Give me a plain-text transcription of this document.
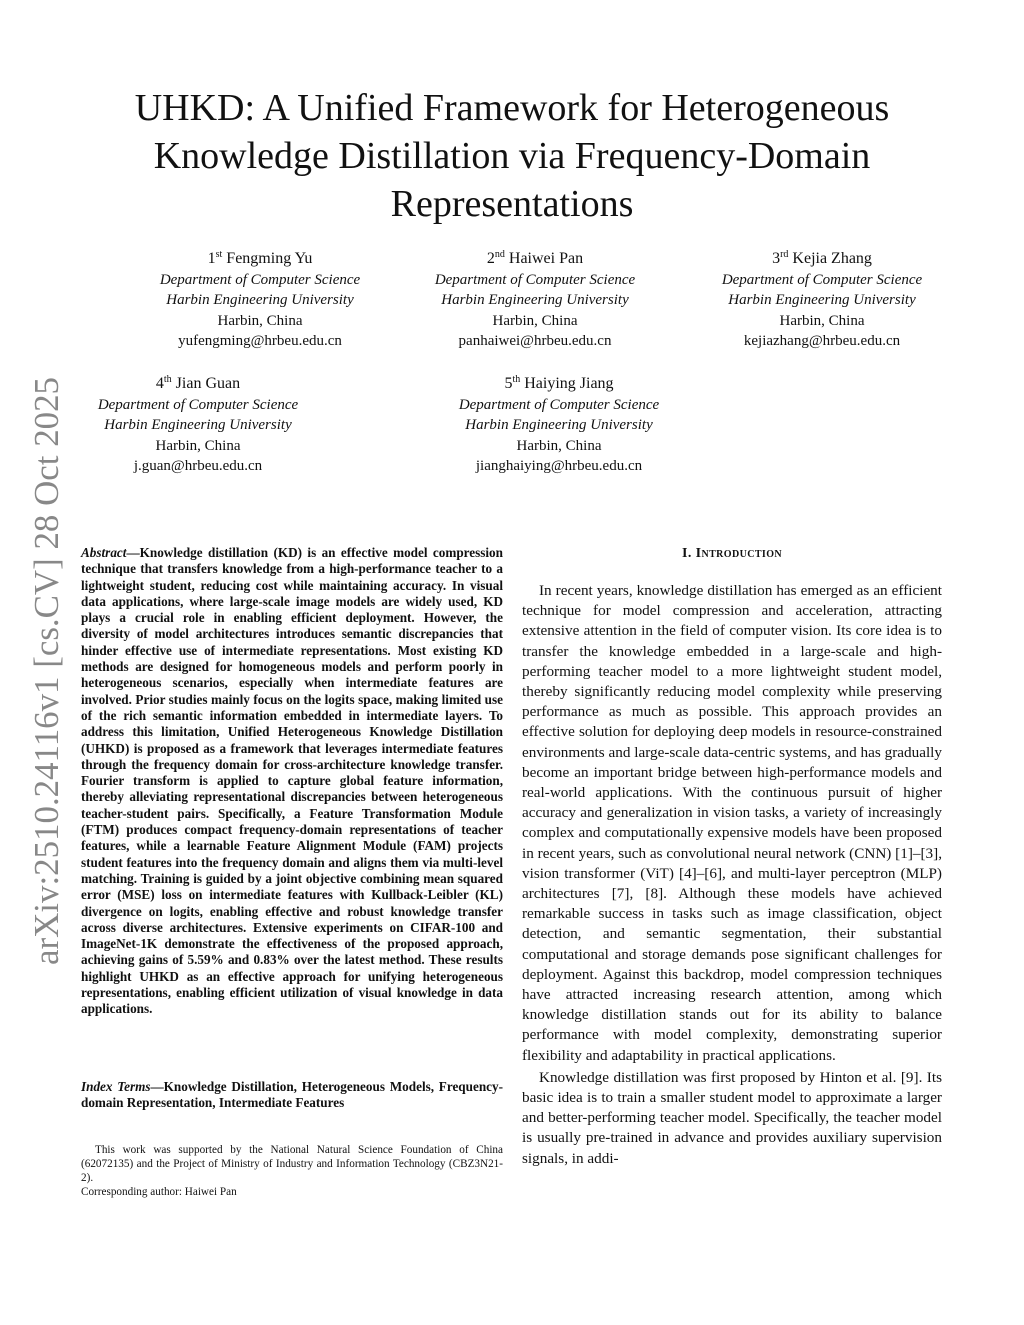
arXiv:2510.24116v1 [cs.CV] 28 Oct 2025
UHKD: A Unified Framework for Heterogeneous
Knowledge Distillation via Frequency-Domain
Representations
1st Fengming Yu
Department of Computer Science
Harbin Engineering University
Harbin, China
yufengming@hrbeu.edu.cn
2nd Haiwei Pan
Department of Computer Science
Harbin Engineering University
Harbin, China
panhaiwei@hrbeu.edu.cn
3rd Kejia Zhang
Department of Computer Science
Harbin Engineering University
Harbin, China
kejiazhang@hrbeu.edu.cn
4th Jian Guan
Department of Computer Science
Harbin Engineering University
Harbin, China
j.guan@hrbeu.edu.cn
5th Haiying Jiang
Department of Computer Science
Harbin Engineering University
Harbin, China
jianghaiying@hrbeu.edu.cn

Abstract—Knowledge distillation (KD) is an effective model compression technique that transfers knowledge from a high-performance teacher to a lightweight student, reducing cost while maintaining accuracy. In visual data applications, where large-scale image models are widely used, KD plays a crucial role in enabling efficient deployment. However, the diversity of model architectures introduces semantic discrepancies that hinder effective use of intermediate representations. Most existing KD methods are designed for homogeneous models and perform poorly in heterogeneous scenarios, especially when intermediate features are involved. Prior studies mainly focus on the logits space, making limited use of the rich semantic information embedded in intermediate layers. To address this limitation, Unified Heterogeneous Knowledge Distillation (UHKD) is proposed as a framework that leverages intermediate features through the frequency domain for cross-architecture knowledge transfer. Fourier transform is applied to capture global feature information, thereby alleviating representational discrepancies between heterogeneous teacher-student pairs. Specifically, a Feature Transformation Module (FTM) produces compact frequency-domain representations of teacher features, while a learnable Feature Alignment Module (FAM) projects student features into the frequency domain and aligns them via multi-level matching. Training is guided by a joint objective combining mean squared error (MSE) loss on intermediate features with Kullback-Leibler (KL) divergence on logits, enabling effective and robust knowledge transfer across diverse architectures. Extensive experiments on CIFAR-100 and ImageNet-1K demonstrate the effectiveness of the proposed approach, achieving gains of 5.59% and 0.83% over the latest method. These results highlight UHKD as an effective approach for unifying heterogeneous representations, enabling efficient utilization of visual knowledge in data applications.

Index Terms—Knowledge Distillation, Heterogeneous Models, Frequency-domain Representation, Intermediate Features

This work was supported by the National Natural Science Foundation of China (62072135) and the Project of Ministry of Industry and Information Technology (CBZ3N21-2).

Corresponding author: Haiwei Pan

I. Introduction

In recent years, knowledge distillation has emerged as an efficient technique for model compression and acceleration, attracting extensive attention in the field of computer vision. Its core idea is to transfer the knowledge embedded in a large-scale and high-performing teacher model to a more lightweight student model, thereby significantly reducing model complexity while preserving performance as much as possible. This approach provides an effective solution for deploying deep models in resource-constrained environments and large-scale data-centric systems, and has gradually become an important bridge between high-performance models and real-world applications. With the continuous pursuit of higher accuracy and generalization in vision tasks, a variety of increasingly complex and computationally expensive models have been proposed in recent years, such as convolutional neural network (CNN) [1]–[3], vision transformer (ViT) [4]–[6], and multi-layer perceptron (MLP) architectures [7], [8]. Although these models have achieved remarkable success in tasks such as image classification, object detection, and semantic segmentation, their substantial computational and storage demands pose significant challenges for deployment. Against this backdrop, model compression techniques have attracted increasing research attention, among which knowledge distillation stands out for its ability to balance performance with model complexity, demonstrating superior flexibility and adaptability in practical applications.

Knowledge distillation was first proposed by Hinton et al. [9]. Its basic idea is to train a smaller student model to approximate a larger and better-performing teacher model. Specifically, the teacher model is usually pre-trained in advance and provides auxiliary supervision signals, in addi-
